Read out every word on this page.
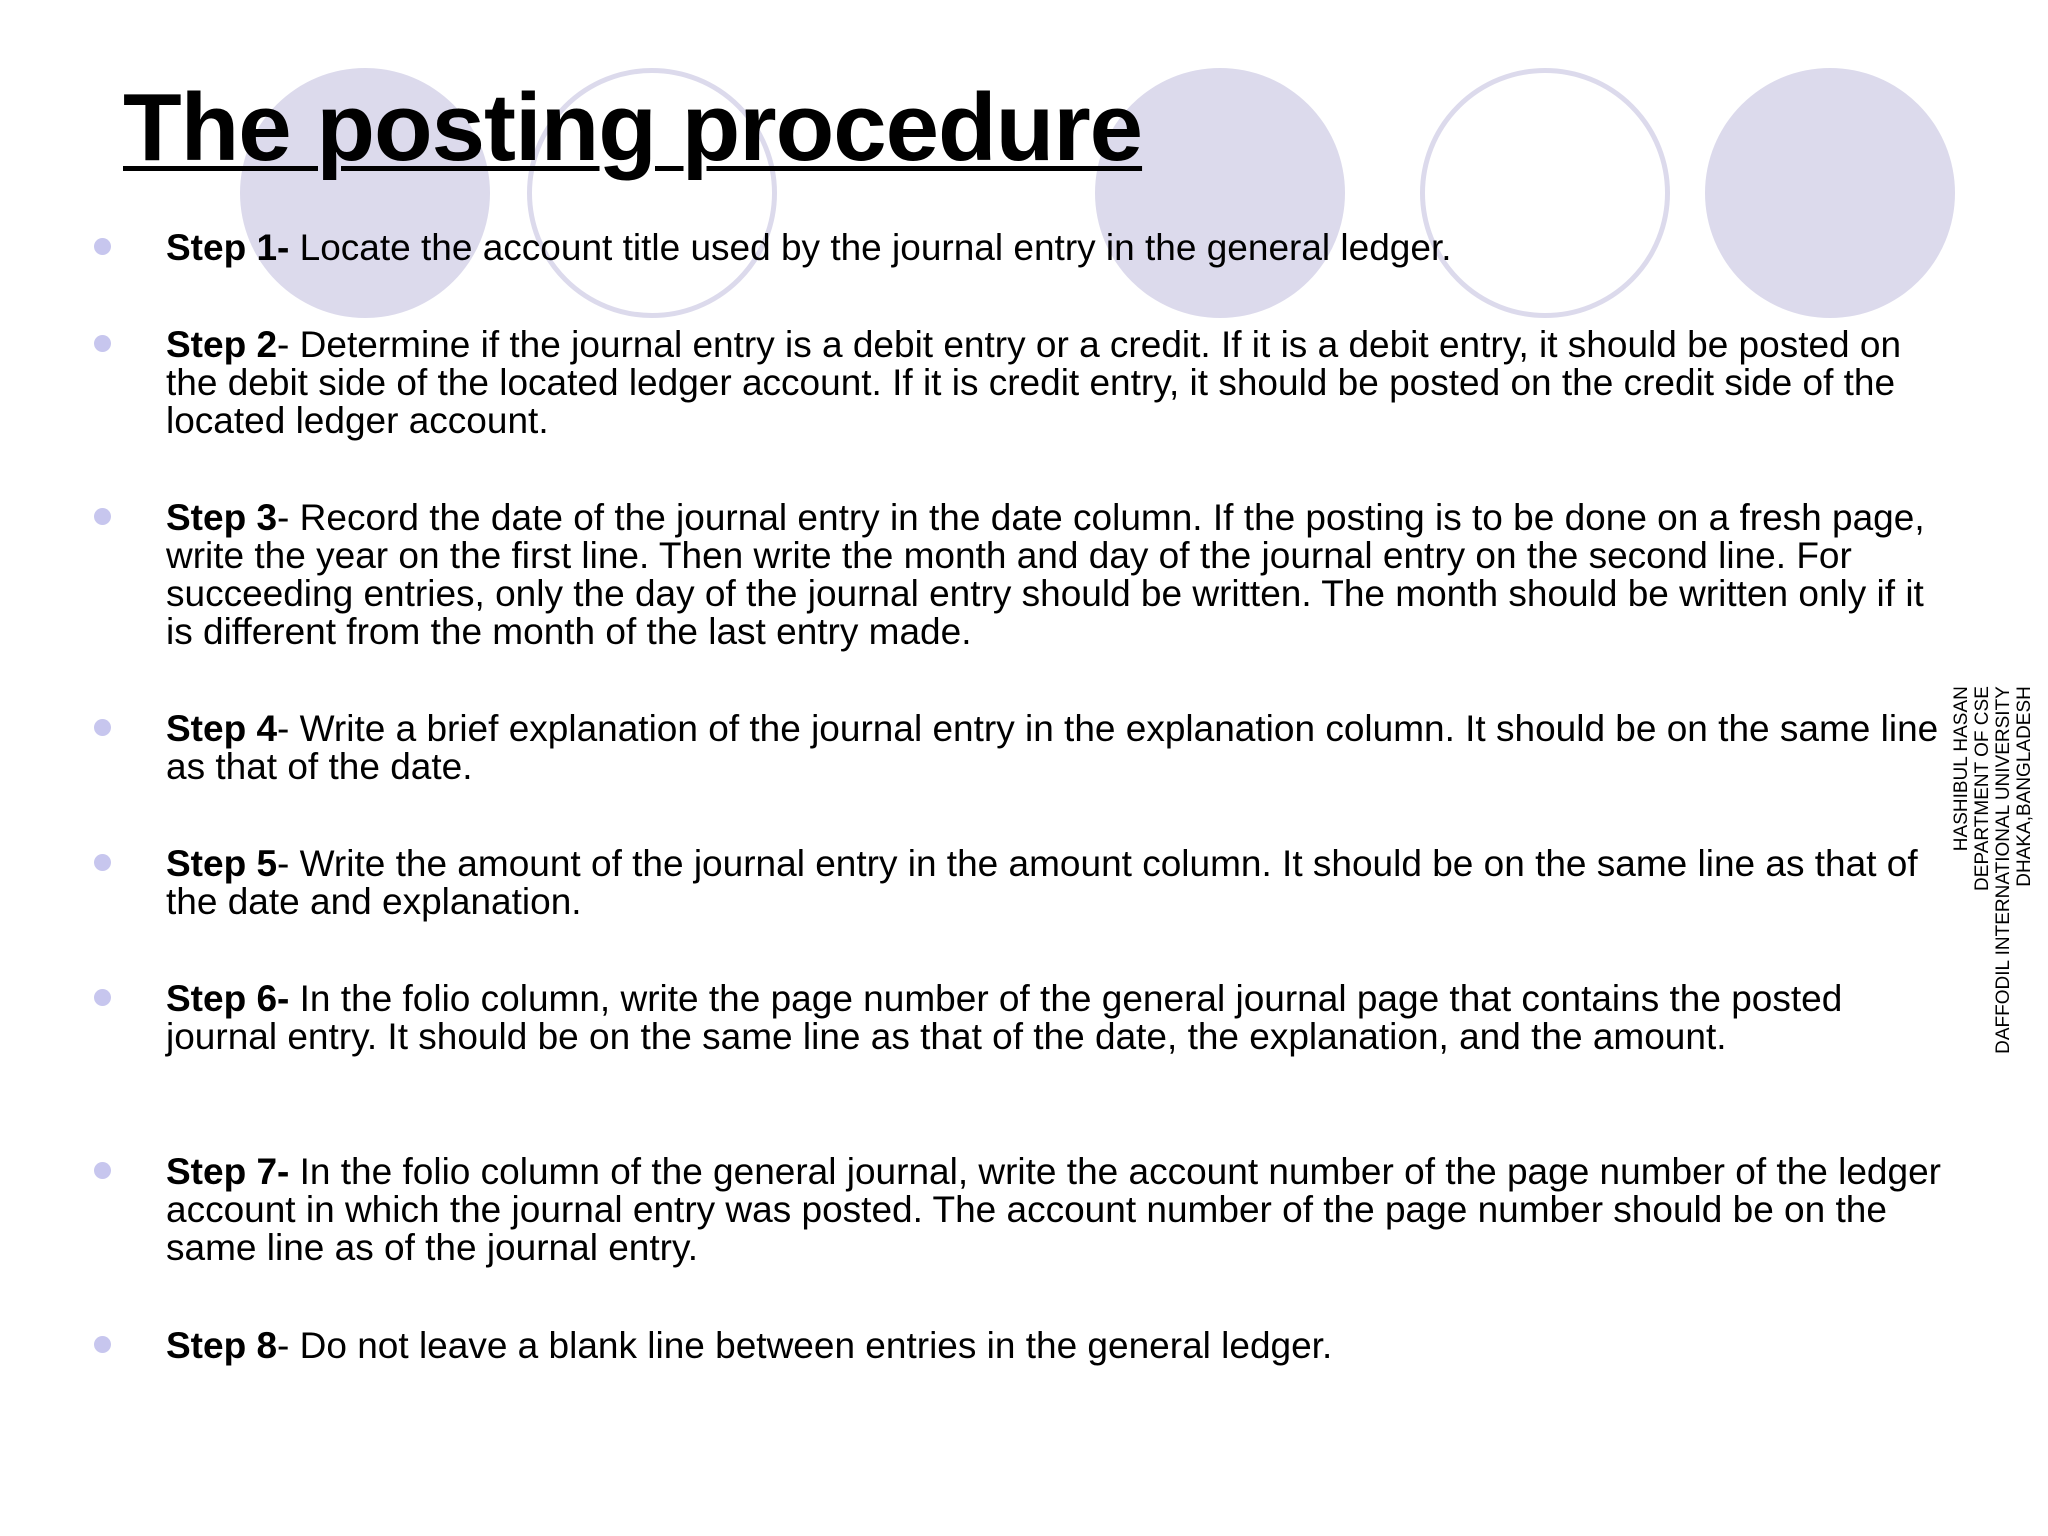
The posting procedure
Step 1- Locate the account title used by the journal entry in the general ledger.
Step 2- Determine if the journal entry is a debit entry or a credit. If it is a debit entry, it should be posted on the debit side of the located ledger account. If it is credit entry, it should be posted on the credit side of the located ledger account.
Step 3- Record the date of the journal entry in the date column. If the posting is to be done on a fresh page, write the year on the first line. Then write the month and day of the journal entry on the second line. For succeeding entries, only the day of the journal entry should be written. The month should be written only if it is different from the month of the last entry made.
Step 4- Write a brief explanation of the journal entry in the explanation column. It should be on the same line as that of the date.
Step 5- Write the amount of the journal entry in the amount column. It should be on the same line as that of the date and explanation.
Step 6- In the folio column, write the page number of the general journal page that contains the posted journal entry. It should be on the same line as that of the date, the explanation, and the amount.
Step 7- In the folio column of the general journal, write the account number of the page number of the ledger account in which the journal entry was posted. The account number of the page number should be on the same line as of the journal entry.
Step 8- Do not leave a blank line between entries in the general ledger.
HASHIBUL HASAN DEPARTMENT OF CSE DAFFODIL INTERNATIONAL UNIVERSITY DHAKA,BANGLADESH
